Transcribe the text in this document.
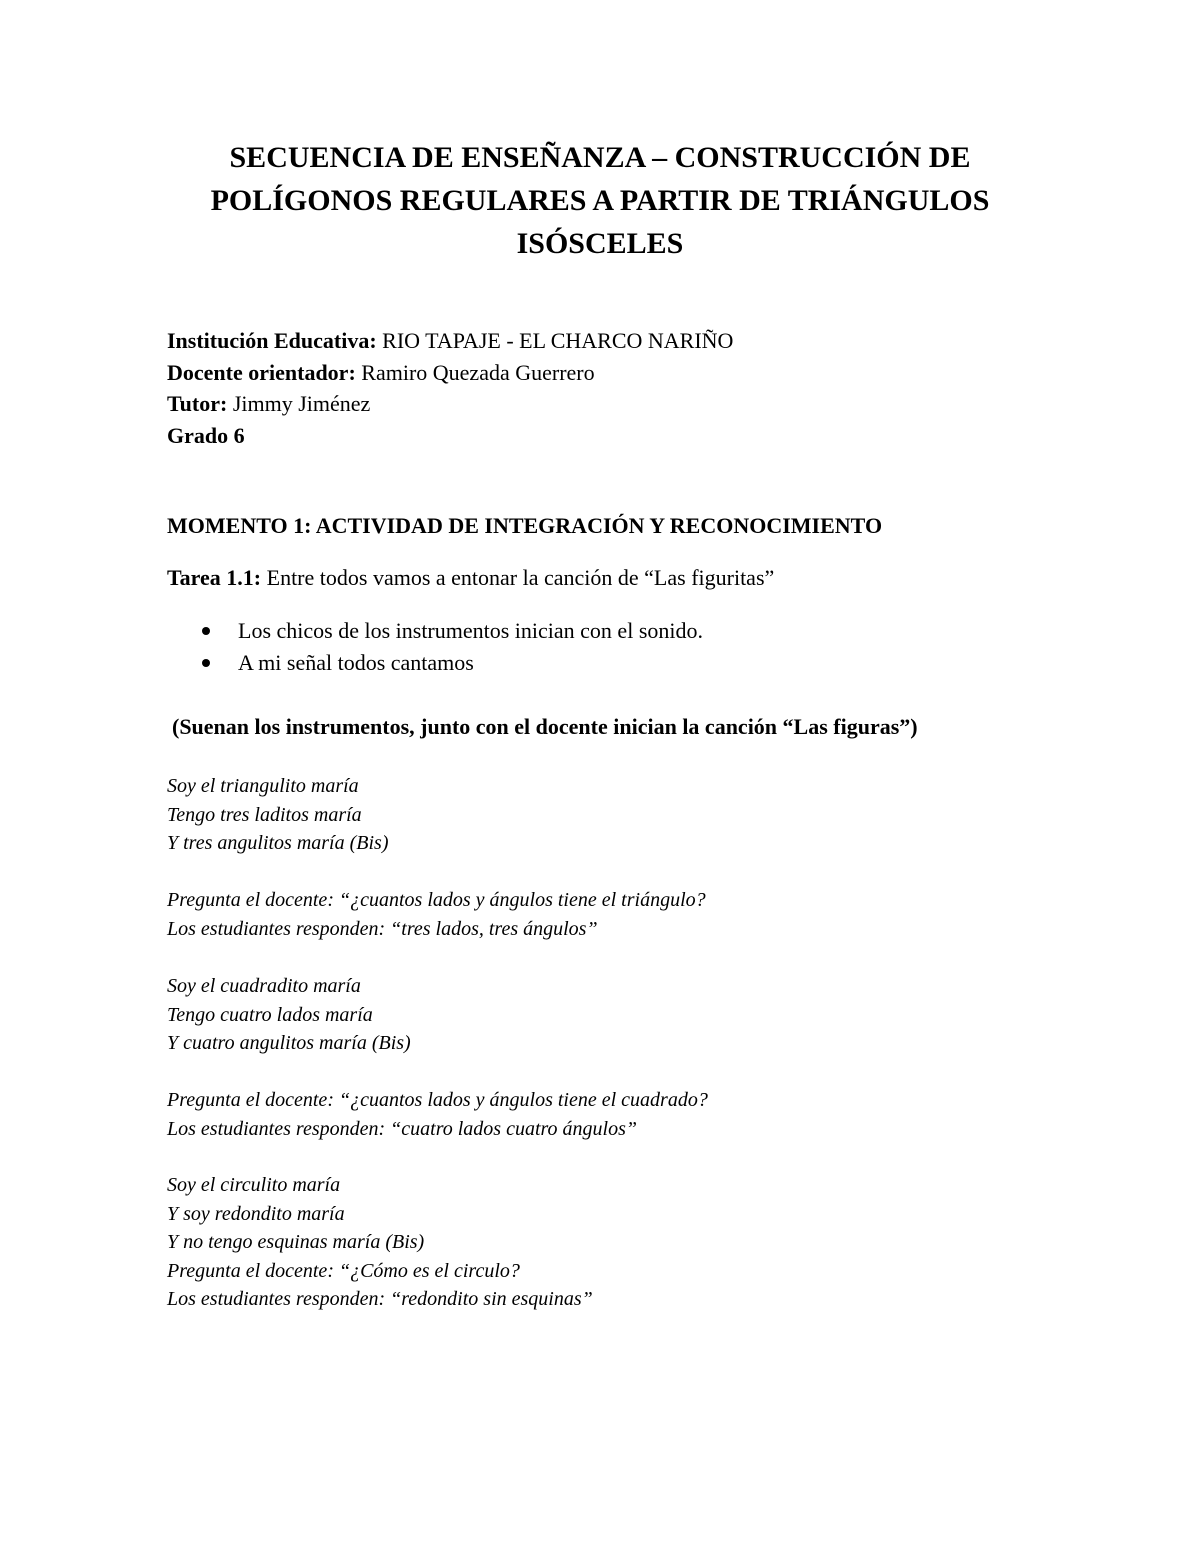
SECUENCIA DE ENSEÑANZA – CONSTRUCCIÓN DE
POLÍGONOS REGULARES A PARTIR DE TRIÁNGULOS
ISÓSCELES
Institución Educativa: RIO TAPAJE - EL CHARCO NARIÑO
Docente orientador: Ramiro Quezada Guerrero
Tutor: Jimmy Jiménez
Grado 6
MOMENTO 1: ACTIVIDAD DE INTEGRACIÓN Y RECONOCIMIENTO
Tarea 1.1: Entre todos vamos a entonar la canción de “Las figuritas”
Los chicos de los instrumentos inician con el sonido.
A mi señal todos cantamos
(Suenan los instrumentos, junto con el docente inician la canción “Las figuras”)
Soy el triangulito maría
Tengo tres laditos maría
Y tres angulitos maría (Bis)
Pregunta el docente: “¿cuantos lados y ángulos tiene el triángulo?
Los estudiantes responden: “tres lados, tres ángulos”
Soy el cuadradito maría
Tengo cuatro lados maría
Y cuatro angulitos maría (Bis)
Pregunta el docente: “¿cuantos lados y ángulos tiene el cuadrado?
Los estudiantes responden: “cuatro lados cuatro ángulos”
Soy el circulito maría
Y soy redondito maría
Y no tengo esquinas maría (Bis)
Pregunta el docente: “¿Cómo es el circulo?
Los estudiantes responden: “redondito sin esquinas”
